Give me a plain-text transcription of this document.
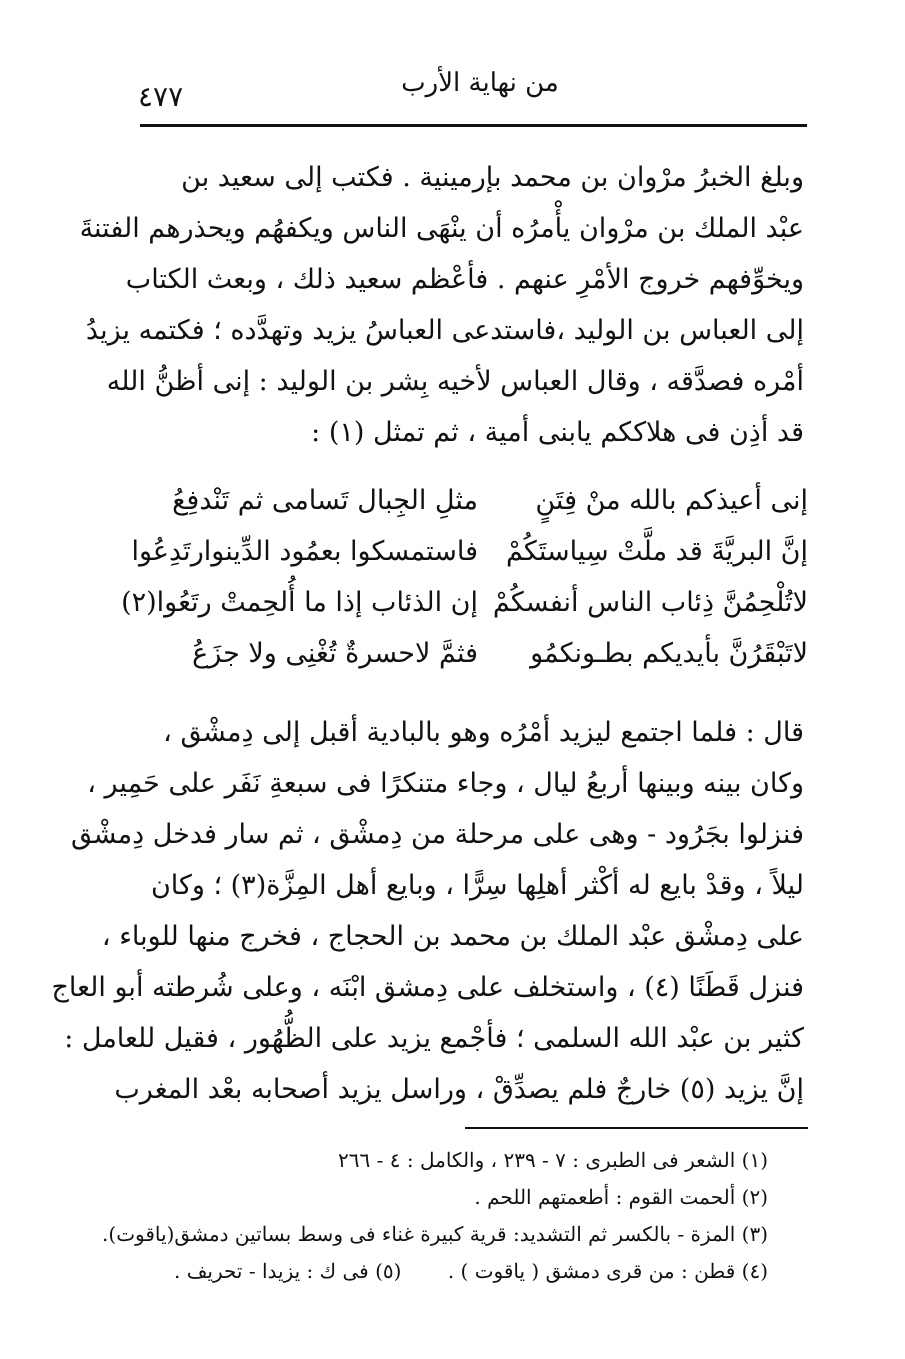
من نهاية الأرب
٤٧٧
وبلغ الخبرُ مرْوان بن محمد بإرمينية . فكتب إلى سعيد بن
عبْد الملك بن مرْوان يأْمرُه أن ينْهَى الناس ويكفهُم ويحذرهم الفتنةَ
ويخوِّفهم خروج الأمْرِ عنهم . فأعْظم سعيد ذلك ، وبعث الكتاب
إلى العباس بن الوليد ،فاستدعى العباسُ يزيد وتهدَّده ؛ فكتمه يزيدُ
أمْره فصدَّقه ، وقال العباس لأخيه بِشر بن الوليد : إنى أظنُّ الله
قد أذِن فى هلاككم يابنى أمية ، ثم تمثل (١) :
إنى أعيذكم بالله منْ فِتَنٍ
مثلِ الجِبال تَسامى ثم تَنْدفِعُ
إنَّ البريَّةَ قد ملَّتْ سِياستَكُمْ
فاستمسكوا بعمُود الدِّينوارتَدِعُوا
لاتُلْحِمُنَّ ذِئاب الناس أنفسكُمْ
إن الذئاب إذا ما أُلحِمتْ رتَعُوا(٢)
لاتَبْقَرُنَّ بأيديكم بطـونكمُو
فثمَّ لاحسرةٌ تُغْنِى ولا جزَعُ
قال : فلما اجتمع ليزيد أمْرُه وهو بالبادية أقبل إلى دِمشْق ،
وكان بينه وبينها أربعُ ليال ، وجاء متنكرًا فى سبعةِ نَفَر على حَمِير ،
فنزلوا بجَرُود - وهى على مرحلة من دِمشْق ، ثم سار فدخل دِمشْق
ليلاً ، وقدْ بايع له أكْثر أهلِها سِرًّا ، وبايع أهل المِزَّة(٣) ؛ وكان
على دِمشْق عبْد الملك بن محمد بن الحجاج ، فخرج منها للوباء ،
فنزل قَطَنًا (٤) ، واستخلف على دِمشق ابْنَه ، وعلى شُرطته أبو العاج
كثير بن عبْد الله السلمى ؛ فأجْمع يزيد على الظُّهُور ، فقيل للعامل :
إنَّ يزيد (٥) خارجٌ فلم يصدِّقْ ، وراسل يزيد أصحابه بعْد المغرب
(١) الشعر فى الطبرى : ٧ - ٢٣٩ ، والكامل : ٤ - ٢٦٦
(٢) ألحمت القوم : أطعمتهم اللحم .
(٣) المزة - بالكسر ثم التشديد: قرية كبيرة غناء فى وسط بساتين دمشق(ياقوت).
(٤) قطن : من قرى دمشق ( ياقوت ) . (٥) فى ك : يزيدا - تحريف .
